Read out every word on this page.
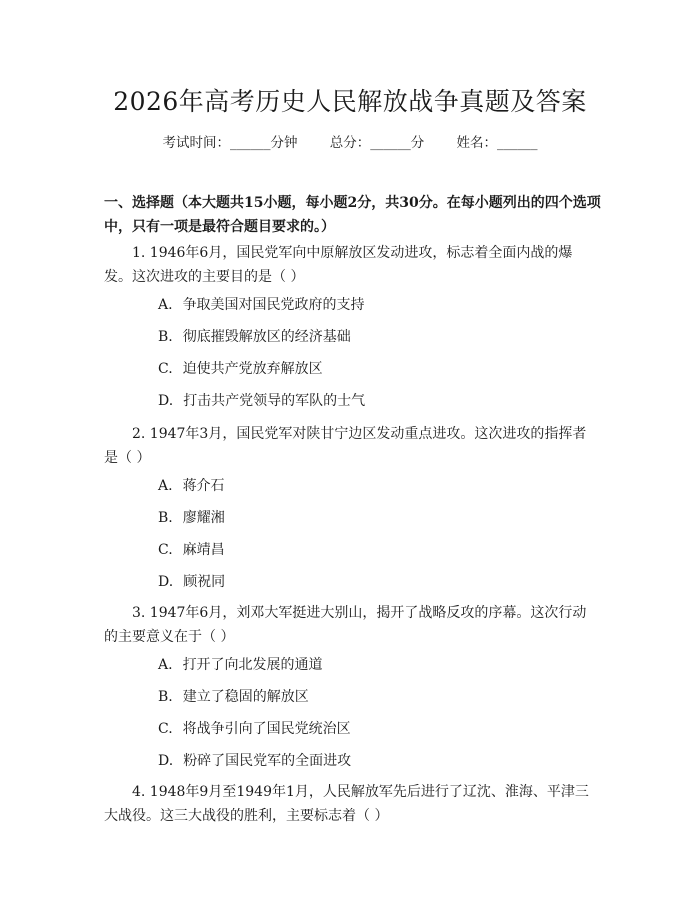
2026年高考历史人民解放战争真题及答案
考试时间：______分钟 总分：______分 姓名：______
一、选择题（本大题共15小题，每小题2分，共30分。在每小题列出的四个选项中，只有一项是最符合题目要求的。）
1. 1946年6月，国民党军向中原解放区发动进攻，标志着全面内战的爆发。这次进攻的主要目的是（ ）
A. 争取美国对国民党政府的支持
B. 彻底摧毁解放区的经济基础
C. 迫使共产党放弃解放区
D. 打击共产党领导的军队的士气
2. 1947年3月，国民党军对陕甘宁边区发动重点进攻。这次进攻的指挥者是（ ）
A. 蒋介石
B. 廖耀湘
C. 麻靖昌
D. 顾祝同
3. 1947年6月，刘邓大军挺进大别山，揭开了战略反攻的序幕。这次行动的主要意义在于（ ）
A. 打开了向北发展的通道
B. 建立了稳固的解放区
C. 将战争引向了国民党统治区
D. 粉碎了国民党军的全面进攻
4. 1948年9月至1949年1月，人民解放军先后进行了辽沈、淮海、平津三大战役。这三大战役的胜利，主要标志着（ ）
